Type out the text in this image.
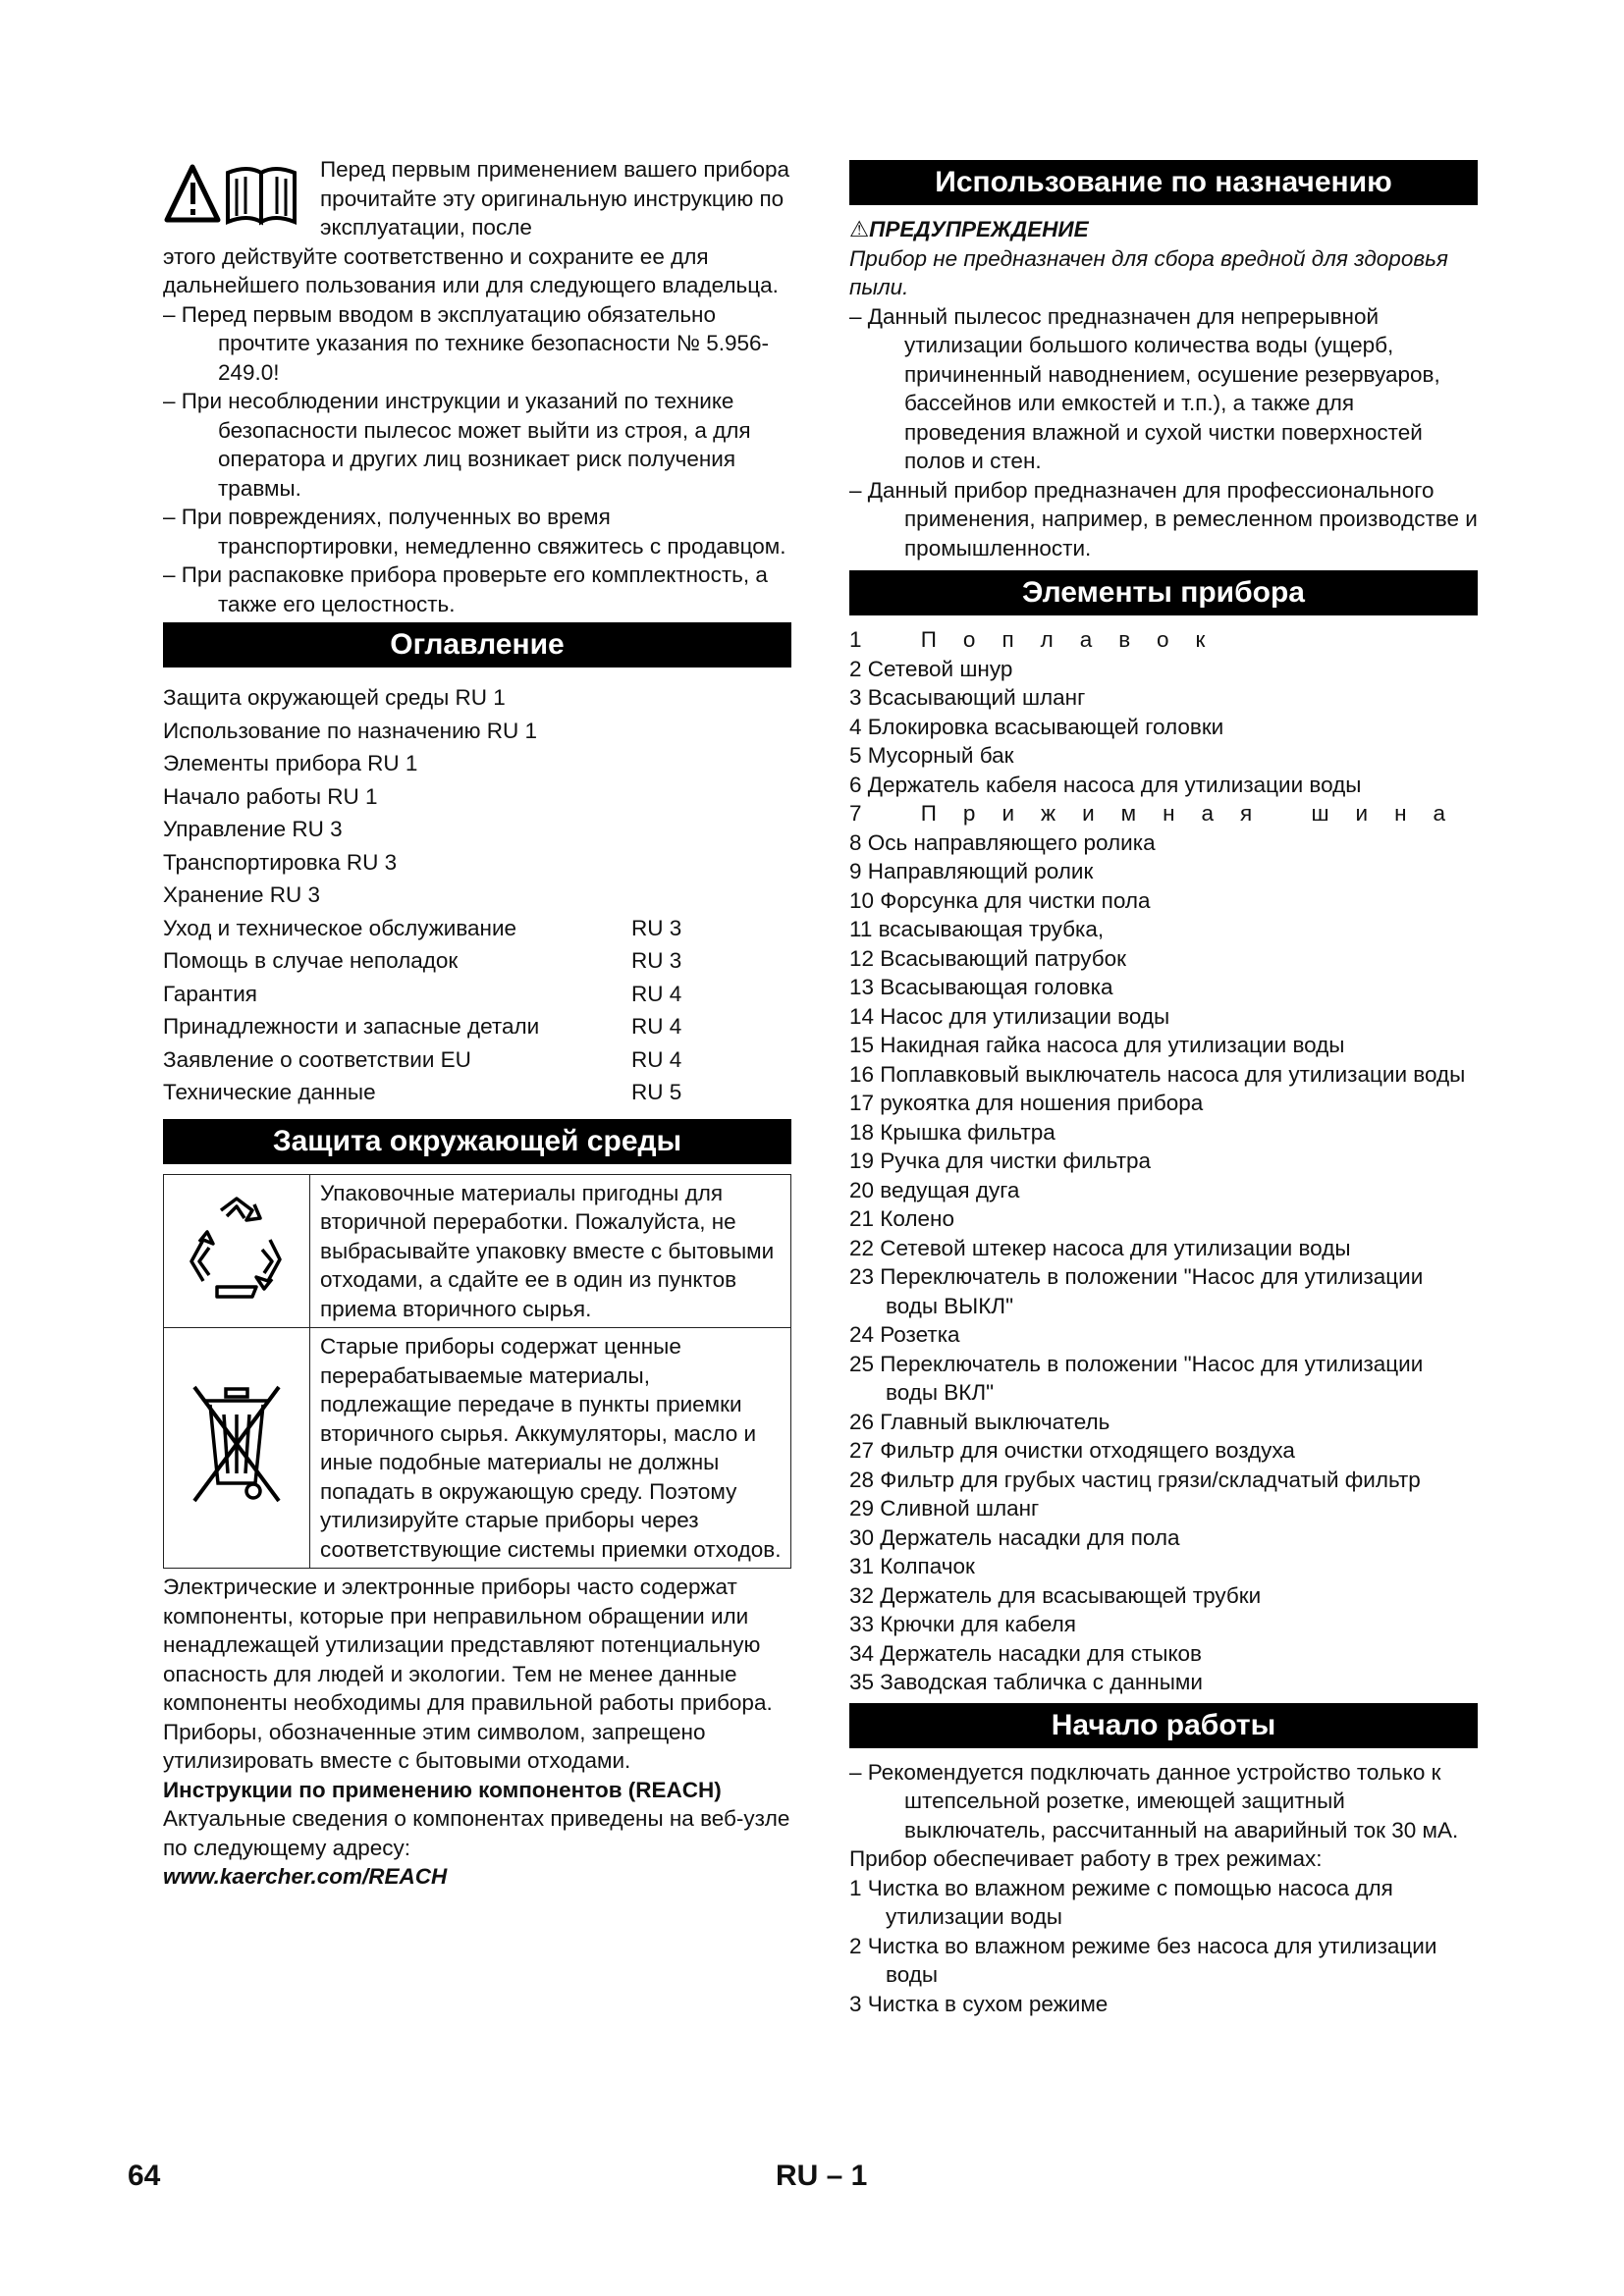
Перед первым применением вашего прибора прочитайте эту оригинальную инструкцию по эксплуатации, после

этого действуйте соответственно и сохраните ее для дальнейшего пользования или для следующего владельца.

– Перед первым вводом в эксплуатацию обязательно прочтите указания по технике безопасности № 5.956-249.0!

– При несоблюдении инструкции и указаний по технике безопасности пылесос может выйти из строя, а для оператора и других лиц возникает риск получения травмы.

– При повреждениях, полученных во время транспортировки, немедленно свяжитесь с продавцом.

– При распаковке прибора проверьте его комплектность, а также его целостность.

Оглавление
Защита окружающей среды RU 1
Использование по назначению RU 1
Элементы прибора RU 1
Начало работы RU 1
Управление RU 3
Транспортировка RU 3
Хранение RU 3
Уход и техническое обслуживание	RU 3
Помощь в случае неполадок	RU 3
Гарантия	RU 4
Принадлежности и запасные детали	RU 4
Заявление о соответствии EU	RU 4
Технические данные	RU 5
Защита окружающей среды
	Упаковочные материалы пригодны для вторичной переработки. Пожалуйста, не выбрасывайте упаковку вместе с бытовыми отходами, а сдайте ее в один из пунктов приема вторичного сырья.
	Старые приборы содержат ценные перерабатываемые материалы, подлежащие передаче в пункты приемки вторичного сырья. Аккумуляторы, масло и иные подобные материалы не должны попадать в окружающую среду. Поэтому утилизируйте старые приборы через соответствующие системы приемки отходов.

Электрические и электронные приборы часто содержат компоненты, которые при неправильном обращении или ненадлежащей утилизации представляют потенциальную опасность для людей и экологии. Тем не менее данные компоненты необходимы для правильной работы прибора. Приборы, обозначенные этим символом, запрещено утилизировать вместе с бытовыми отходами.

Инструкции по применению компонентов (REACH)

Актуальные сведения о компонентах приведены на веб-узле по следующему адресу:

www.kaercher.com/REACH

Использование по назначению

⚠ПРЕДУПРЕЖДЕНИЕ

Прибор не предназначен для сбора вредной для здоровья пыли.

– Данный пылесос предназначен для непрерывной утилизации большого количества воды (ущерб, причиненный наводнением, осушение резервуаров, бассейнов или емкостей и т.п.), а также для проведения влажной и сухой чистки поверхностей полов и стен.

– Данный прибор предназначен для профессионального применения, например, в ремесленном производстве и промышленности.

Элементы прибора

1 Поплавок

2 Сетевой шнур

3 Всасывающий шланг

4 Блокировка всасывающей головки

5 Мусорный бак

6 Держатель кабеля насоса для утилизации воды

7 Прижимная шина

8 Ось направляющего ролика

9 Направляющий ролик

10 Форсунка для чистки пола

11 всасывающая трубка,

12 Всасывающий патрубок

13 Всасывающая головка

14 Насос для утилизации воды

15 Накидная гайка насоса для утилизации воды

16 Поплавковый выключатель насоса для утилизации воды

17 рукоятка для ношения прибора

18 Крышка фильтра

19 Ручка для чистки фильтра

20 ведущая дуга

21 Колено

22 Сетевой штекер насоса для утилизации воды

23 Переключатель в положении "Насос для утилизации воды ВЫКЛ"

24 Розетка

25 Переключатель в положении "Насос для утилизации воды ВКЛ"

26 Главный выключатель

27 Фильтр для очистки отходящего воздуха

28 Фильтр для грубых частиц грязи/складчатый фильтр

29 Сливной шланг

30 Держатель насадки для пола

31 Колпачок

32 Держатель для всасывающей трубки

33 Крючки для кабеля

34 Держатель насадки для стыков

35 Заводская табличка с данными

Начало работы

– Рекомендуется подключать данное устройство только к штепсельной розетке, имеющей защитный выключатель, рассчитанный на аварийный ток 30 мА.

Прибор обеспечивает работу в трех режимах:

1 Чистка во влажном режиме с помощью насоса для утилизации воды

2 Чистка во влажном режиме без насоса для утилизации воды

3 Чистка в сухом режиме

64	RU – 1
